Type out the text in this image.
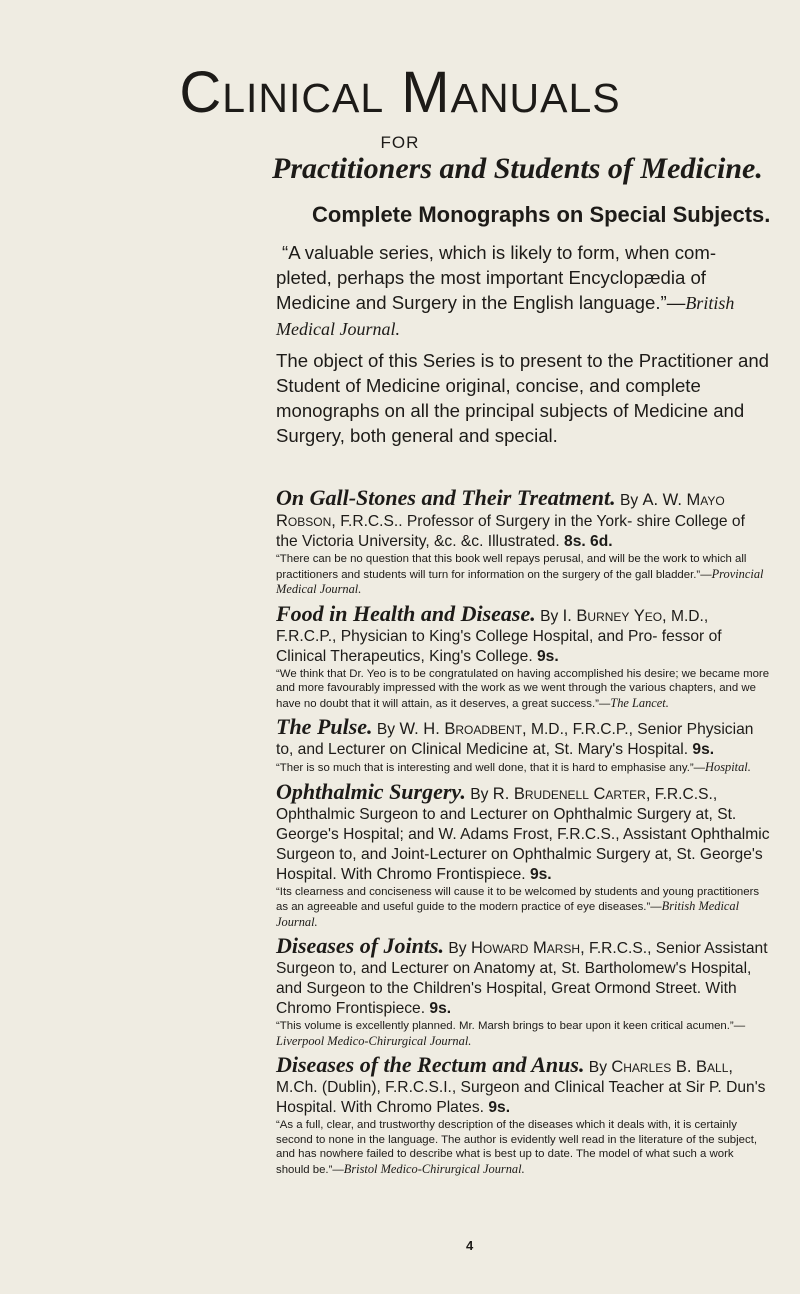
Clinical Manuals
FOR
Practitioners and Students of Medicine.
Complete Monographs on Special Subjects.
“A valuable series, which is likely to form, when com- pleted, perhaps the most important Encyclopædia of Medicine and Surgery in the English language.”—British Medical Journal.
The object of this Series is to present to the Practitioner and Student of Medicine original, concise, and complete monographs on all the principal subjects of Medicine and Surgery, both general and special.
On Gall-Stones and Their Treatment. By A. W. Mayo Robson, F.R.C.S.. Professor of Surgery in the York- shire College of the Victoria University, &c. &c. Illustrated. 8s. 6d.
“There can be no question that this book well repays perusal, and will be the work to which all practitioners and students will turn for information on the surgery of the gall bladder.”—Provincial Medical Journal.
Food in Health and Disease. By I. Burney Yeo, M.D., F.R.C.P., Physician to King's College Hospital, and Pro- fessor of Clinical Therapeutics, King's College. 9s.
“We think that Dr. Yeo is to be congratulated on having accomplished his desire; we became more and more favourably impressed with the work as we went through the various chapters, and we have no doubt that it will attain, as it deserves, a great success.”—The Lancet.
The Pulse. By W. H. Broadbent, M.D., F.R.C.P., Senior Physician to, and Lecturer on Clinical Medicine at, St. Mary's Hospital. 9s.
“Ther is so much that is interesting and well done, that it is hard to emphasise any.”—Hospital.
Ophthalmic Surgery. By R. Brudenell Carter, F.R.C.S., Ophthalmic Surgeon to and Lecturer on Ophthalmic Surgery at, St. George's Hospital; and W. Adams Frost, F.R.C.S., Assistant Ophthalmic Surgeon to, and Joint-Lecturer on Ophthalmic Surgery at, St. George's Hospital. With Chromo Frontispiece. 9s.
“Its clearness and conciseness will cause it to be welcomed by students and young practitioners as an agreeable and useful guide to the modern practice of eye diseases.”—British Medical Journal.
Diseases of Joints. By Howard Marsh, F.R.C.S., Senior Assistant Surgeon to, and Lecturer on Anatomy at, St. Bartholomew's Hospital, and Surgeon to the Children's Hospital, Great Ormond Street. With Chromo Frontispiece. 9s.
“This volume is excellently planned. Mr. Marsh brings to bear upon it keen critical acumen.”—Liverpool Medico-Chirurgical Journal.
Diseases of the Rectum and Anus. By Charles B. Ball, M.Ch. (Dublin), F.R.C.S.I., Surgeon and Clinical Teacher at Sir P. Dun's Hospital. With Chromo Plates. 9s.
“As a full, clear, and trustworthy description of the diseases which it deals with, it is certainly second to none in the language. The author is evidently well read in the literature of the subject, and has nowhere failed to describe what is best up to date. The model of what such a work should be.”—Bristol Medico-Chirurgical Journal.
4
